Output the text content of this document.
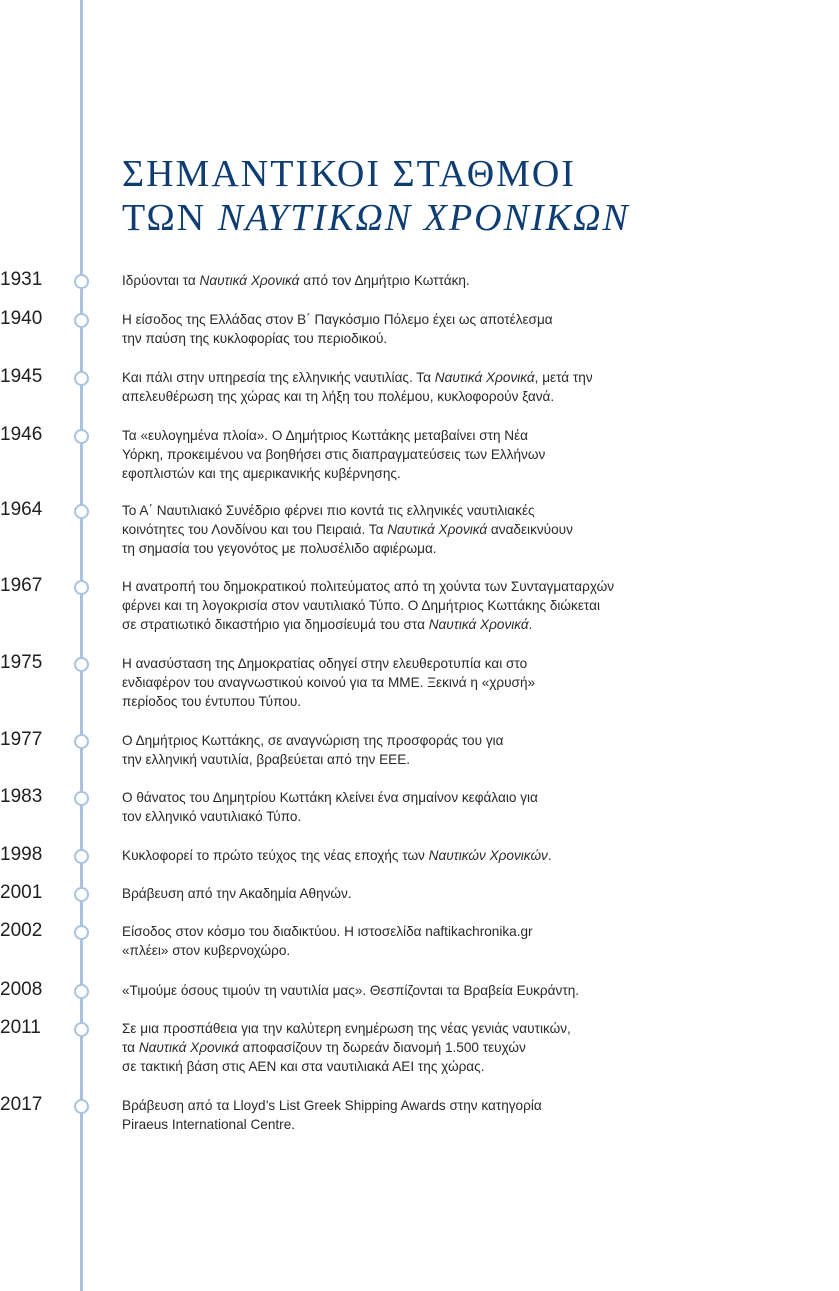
ΣΗΜΑΝΤΙΚΟΙ ΣΤΑΘΜΟΙ
ΤΩΝ ΝΑΥΤΙΚΩΝ ΧΡΟΝΙΚΩΝ
1931	Ιδρύονται τα Ναυτικά Χρονικά από τον Δημήτριο Κωττάκη.
1940	Η είσοδος της Ελλάδας στον Β΄ Παγκόσμιο Πόλεμο έχει ως αποτέλεσμα
την παύση της κυκλοφορίας του περιοδικού.
1945	Και πάλι στην υπηρεσία της ελληνικής ναυτιλίας. Τα Ναυτικά Χρονικά, μετά την
απελευθέρωση της χώρας και τη λήξη του πολέμου, κυκλοφορούν ξανά.
1946	Τα «ευλογημένα πλοία». Ο Δημήτριος Κωττάκης μεταβαίνει στη Νέα
Υόρκη, προκειμένου να βοηθήσει στις διαπραγματεύσεις των Ελλήνων
εφοπλιστών και της αμερικανικής κυβέρνησης.
1964	Το Α΄ Ναυτιλιακό Συνέδριο φέρνει πιο κοντά τις ελληνικές ναυτιλιακές
κοινότητες του Λονδίνου και του Πειραιά. Τα Ναυτικά Χρονικά αναδεικνύουν
τη σημασία του γεγονότος με πολυσέλιδο αφιέρωμα.
1967	Η ανατροπή του δημοκρατικού πολιτεύματος από τη χούντα των Συνταγματαρχών
φέρνει και τη λογοκρισία στον ναυτιλιακό Τύπο. Ο Δημήτριος Κωττάκης διώκεται
σε στρατιωτικό δικαστήριο για δημοσίευμά του στα Ναυτικά Χρονικά.
1975	Η ανασύσταση της Δημοκρατίας οδηγεί στην ελευθεροτυπία και στο
ενδιαφέρον του αναγνωστικού κοινού για τα ΜΜΕ. Ξεκινά η «χρυσή»
περίοδος του έντυπου Τύπου.
1977	Ο Δημήτριος Κωττάκης, σε αναγνώριση της προσφοράς του για
την ελληνική ναυτιλία, βραβεύεται από την ΕΕΕ.
1983	Ο θάνατος του Δημητρίου Κωττάκη κλείνει ένα σημαίνον κεφάλαιο για
τον ελληνικό ναυτιλιακό Τύπο.
1998	Κυκλοφορεί το πρώτο τεύχος της νέας εποχής των Ναυτικών Χρονικών.
2001	Βράβευση από την Ακαδημία Αθηνών.
2002	Είσοδος στον κόσμο του διαδικτύου. Η ιστοσελίδα naftikachronika.gr
«πλέει» στον κυβερνοχώρο.
2008	«Τιμούμε όσους τιμούν τη ναυτιλία μας». Θεσπίζονται τα Βραβεία Ευκράντη.
2011	Σε μια προσπάθεια για την καλύτερη ενημέρωση της νέας γενιάς ναυτικών,
τα Ναυτικά Χρονικά αποφασίζουν τη δωρεάν διανομή 1.500 τευχών
σε τακτική βάση στις ΑΕΝ και στα ναυτιλιακά ΑΕΙ της χώρας.
2017	Βράβευση από τα Lloyd’s List Greek Shipping Awards στην κατηγορία
Piraeus International Centre.
